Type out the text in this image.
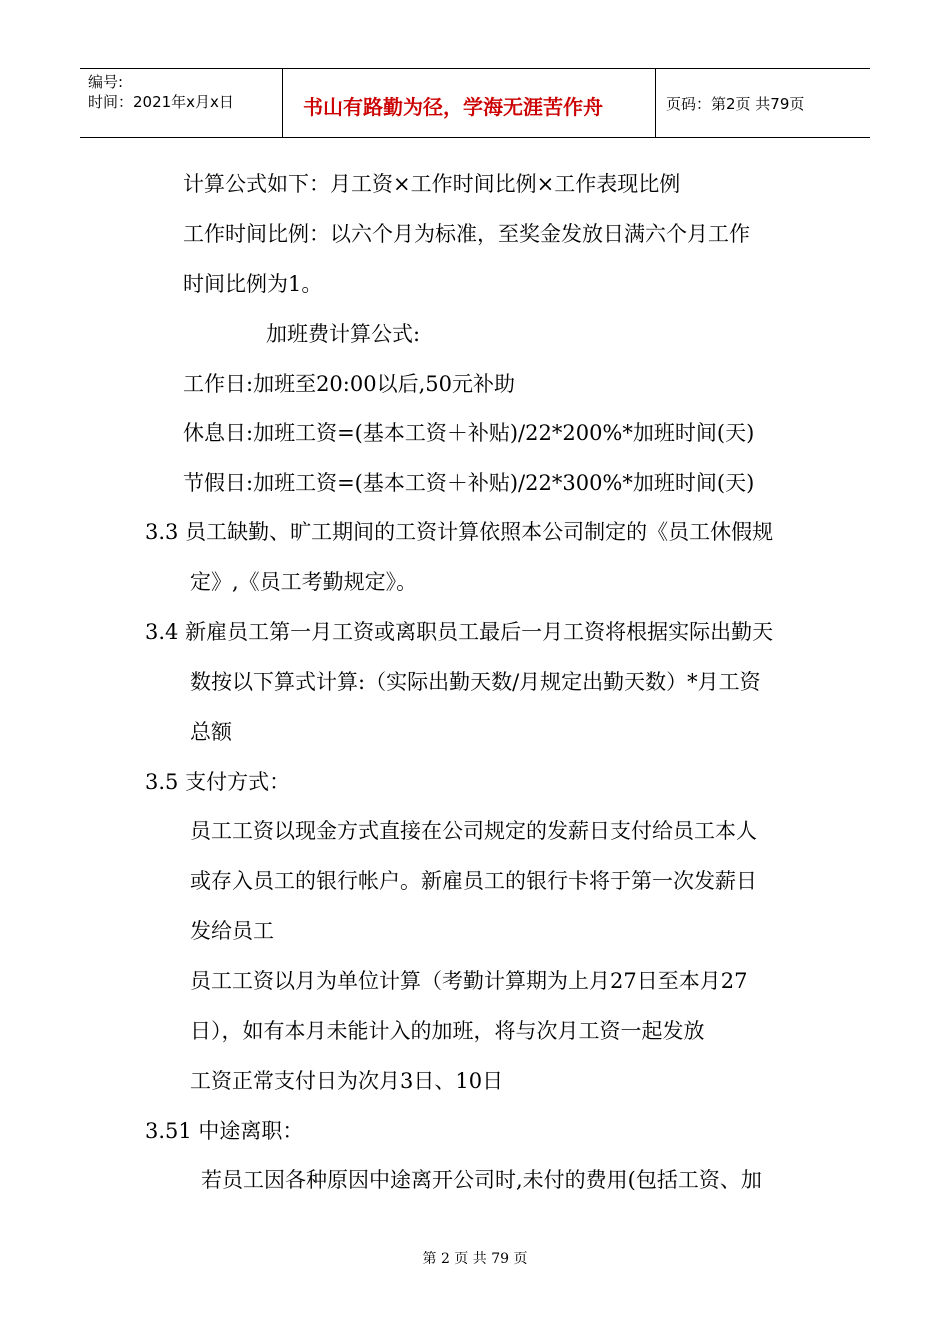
编号:
时间：2021年x月x日	书山有路勤为径，学海无涯苦作舟	页码：第2页 共79页
计算公式如下：月工资×工作时间比例×工作表现比例
工作时间比例：以六个月为标准，至奖金发放日满六个月工作
时间比例为1。
加班费计算公式:
工作日:加班至20:00以后,50元补助
休息日:加班工资=(基本工资＋补贴)/22*200%*加班时间(天)
节假日:加班工资=(基本工资＋补贴)/22*300%*加班时间(天)
3.3 员工缺勤、旷工期间的工资计算依照本公司制定的《员工休假规
定》,《员工考勤规定》。
3.4 新雇员工第一月工资或离职员工最后一月工资将根据实际出勤天
数按以下算式计算:（实际出勤天数/月规定出勤天数）*月工资
总额
3.5 支付方式：
员工工资以现金方式直接在公司规定的发薪日支付给员工本人
或存入员工的银行帐户。新雇员工的银行卡将于第一次发薪日
发给员工
员工工资以月为单位计算（考勤计算期为上月27日至本月27
日），如有本月未能计入的加班，将与次月工资一起发放
工资正常支付日为次月3日、10日
3.51 中途离职：
若员工因各种原因中途离开公司时,未付的费用(包括工资、加
第 2 页 共 79 页
